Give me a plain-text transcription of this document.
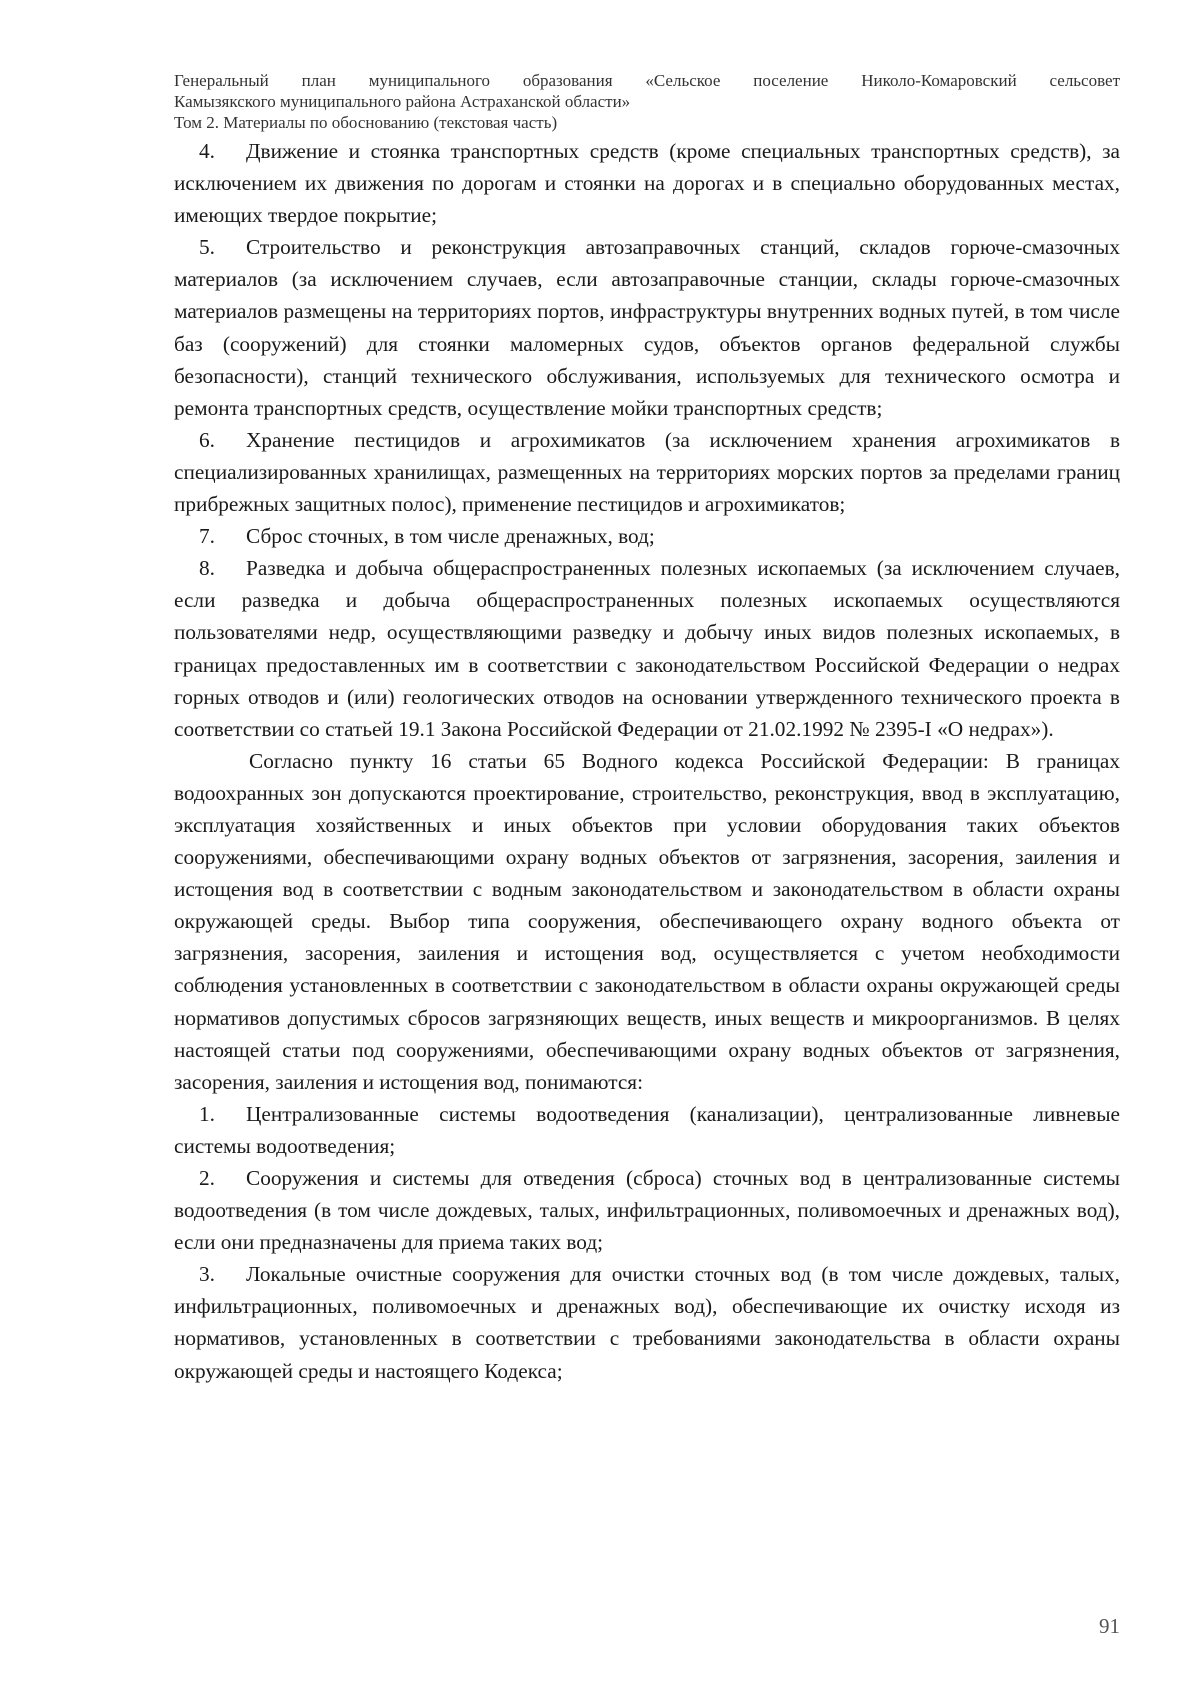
Генеральный план муниципального образования «Сельское поселение Николо-Комаровский сельсовет
Камызякского муниципального района Астраханской области»
Том 2. Материалы по обоснованию (текстовая часть)

4. Движение и стоянка транспортных средств (кроме специальных транспортных средств), за исключением их движения по дорогам и стоянки на дорогах и в специально оборудованных местах, имеющих твердое покрытие;

5. Строительство и реконструкция автозаправочных станций, складов горюче-смазочных материалов (за исключением случаев, если автозаправочные станции, склады горюче-смазочных материалов размещены на территориях портов, инфраструктуры внутренних водных путей, в том числе баз (сооружений) для стоянки маломерных судов, объектов органов федеральной службы безопасности), станций технического обслуживания, используемых для технического осмотра и ремонта транспортных средств, осуществление мойки транспортных средств;

6. Хранение пестицидов и агрохимикатов (за исключением хранения агрохимикатов в специализированных хранилищах, размещенных на территориях морских портов за пределами границ прибрежных защитных полос), применение пестицидов и агрохимикатов;

7. Сброс сточных, в том числе дренажных, вод;

8. Разведка и добыча общераспространенных полезных ископаемых (за исключением случаев, если разведка и добыча общераспространенных полезных ископаемых осуществляются пользователями недр, осуществляющими разведку и добычу иных видов полезных ископаемых, в границах предоставленных им в соответствии с законодательством Российской Федерации о недрах горных отводов и (или) геологических отводов на основании утвержденного технического проекта в соответствии со статьей 19.1 Закона Российской Федерации от 21.02.1992 № 2395-I «О недрах»).

Согласно пункту 16 статьи 65 Водного кодекса Российской Федерации: В границах водоохранных зон допускаются проектирование, строительство, реконструкция, ввод в эксплуатацию, эксплуатация хозяйственных и иных объектов при условии оборудования таких объектов сооружениями, обеспечивающими охрану водных объектов от загрязнения, засорения, заиления и истощения вод в соответствии с водным законодательством и законодательством в области охраны окружающей среды. Выбор типа сооружения, обеспечивающего охрану водного объекта от загрязнения, засорения, заиления и истощения вод, осуществляется с учетом необходимости соблюдения установленных в соответствии с законодательством в области охраны окружающей среды нормативов допустимых сбросов загрязняющих веществ, иных веществ и микроорганизмов. В целях настоящей статьи под сооружениями, обеспечивающими охрану водных объектов от загрязнения, засорения, заиления и истощения вод, понимаются:

1. Централизованные системы водоотведения (канализации), централизованные ливневые системы водоотведения;

2. Сооружения и системы для отведения (сброса) сточных вод в централизованные системы водоотведения (в том числе дождевых, талых, инфильтрационных, поливомоечных и дренажных вод), если они предназначены для приема таких вод;

3. Локальные очистные сооружения для очистки сточных вод (в том числе дождевых, талых, инфильтрационных, поливомоечных и дренажных вод), обеспечивающие их очистку исходя из нормативов, установленных в соответствии с требованиями законодательства в области охраны окружающей среды и настоящего Кодекса;

91
